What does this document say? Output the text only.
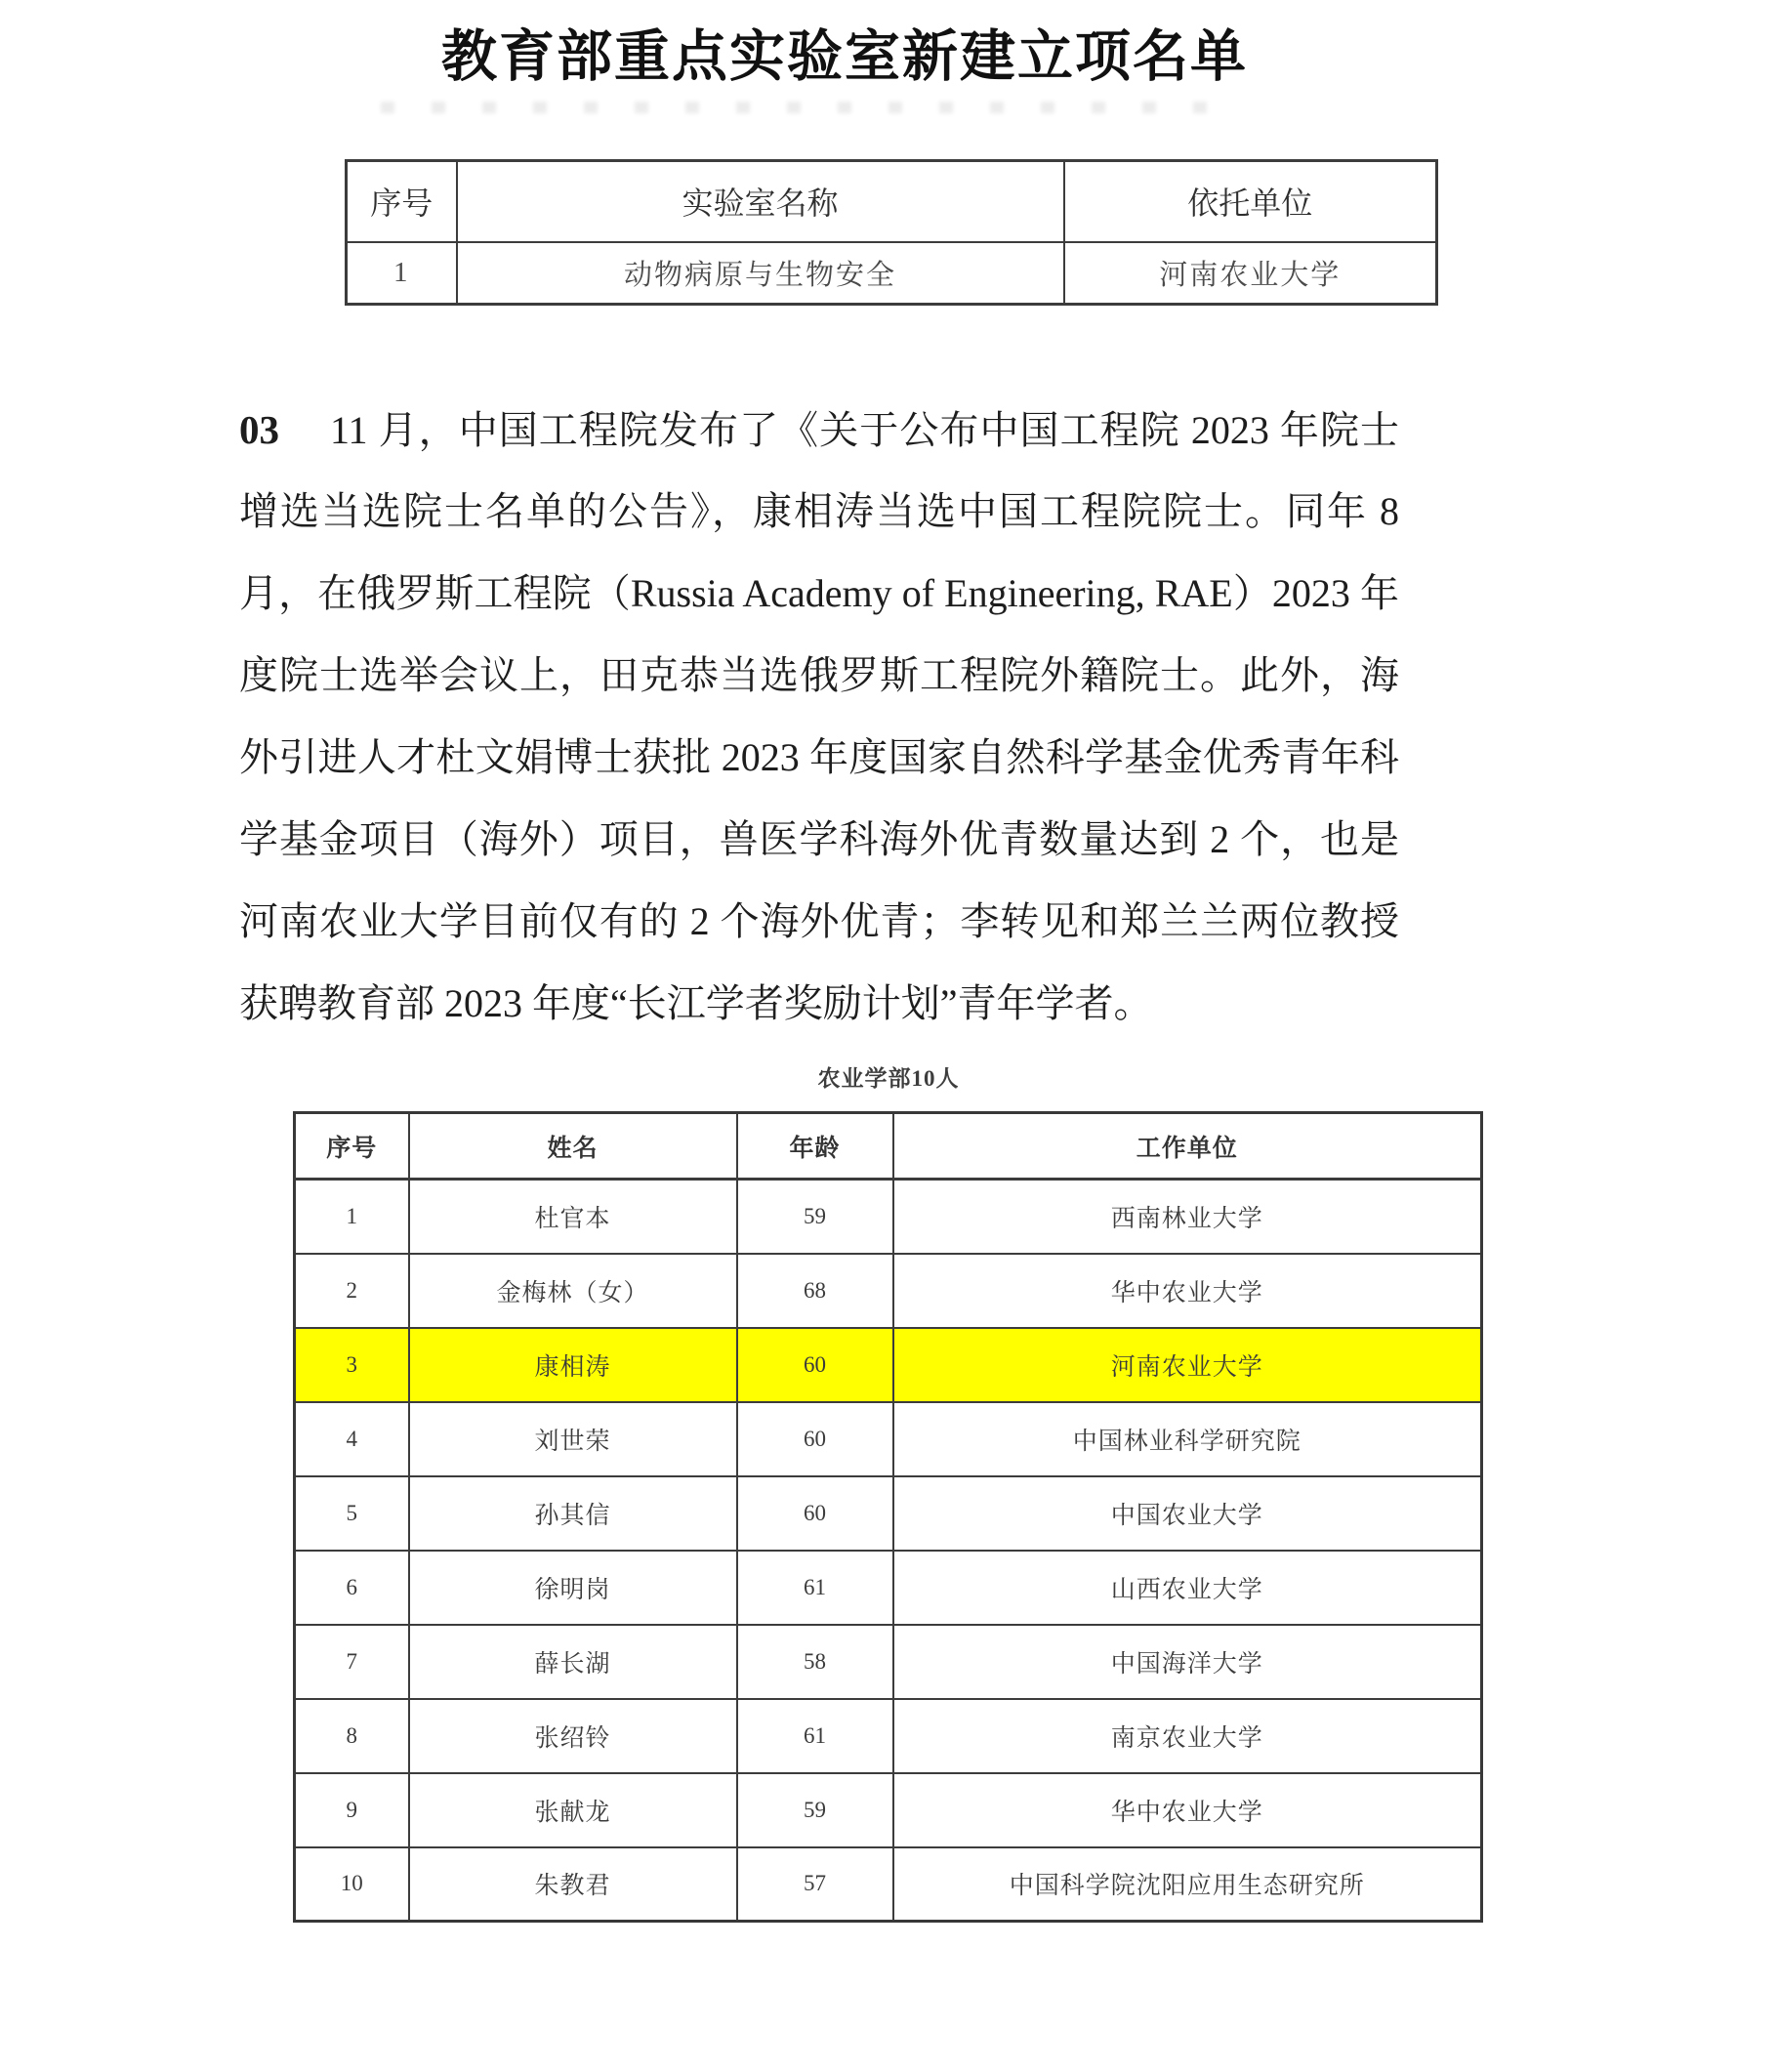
教育部重点实验室新建立项名单
序号	实验室名称	依托单位
1	动物病原与生物安全	河南农业大学
03 11 月，中国工程院发布了《关于公布中国工程院 2023 年院士
增选当选院士名单的公告》，康相涛当选中国工程院院士。同年 8
月，在俄罗斯工程院（Russia Academy of Engineering, RAE）2023 年
度院士选举会议上，田克恭当选俄罗斯工程院外籍院士。此外，海
外引进人才杜文娟博士获批 2023 年度国家自然科学基金优秀青年科
学基金项目（海外）项目，兽医学科海外优青数量达到 2 个，也是
河南农业大学目前仅有的 2 个海外优青；李转见和郑兰兰两位教授
获聘教育部 2023 年度“长江学者奖励计划”青年学者。
农业学部10人
序号	姓名	年龄	工作单位
1	杜官本	59	西南林业大学
2	金梅林（女）	68	华中农业大学
3	康相涛	60	河南农业大学
4	刘世荣	60	中国林业科学研究院
5	孙其信	60	中国农业大学
6	徐明岗	61	山西农业大学
7	薛长湖	58	中国海洋大学
8	张绍铃	61	南京农业大学
9	张献龙	59	华中农业大学
10	朱教君	57	中国科学院沈阳应用生态研究所
